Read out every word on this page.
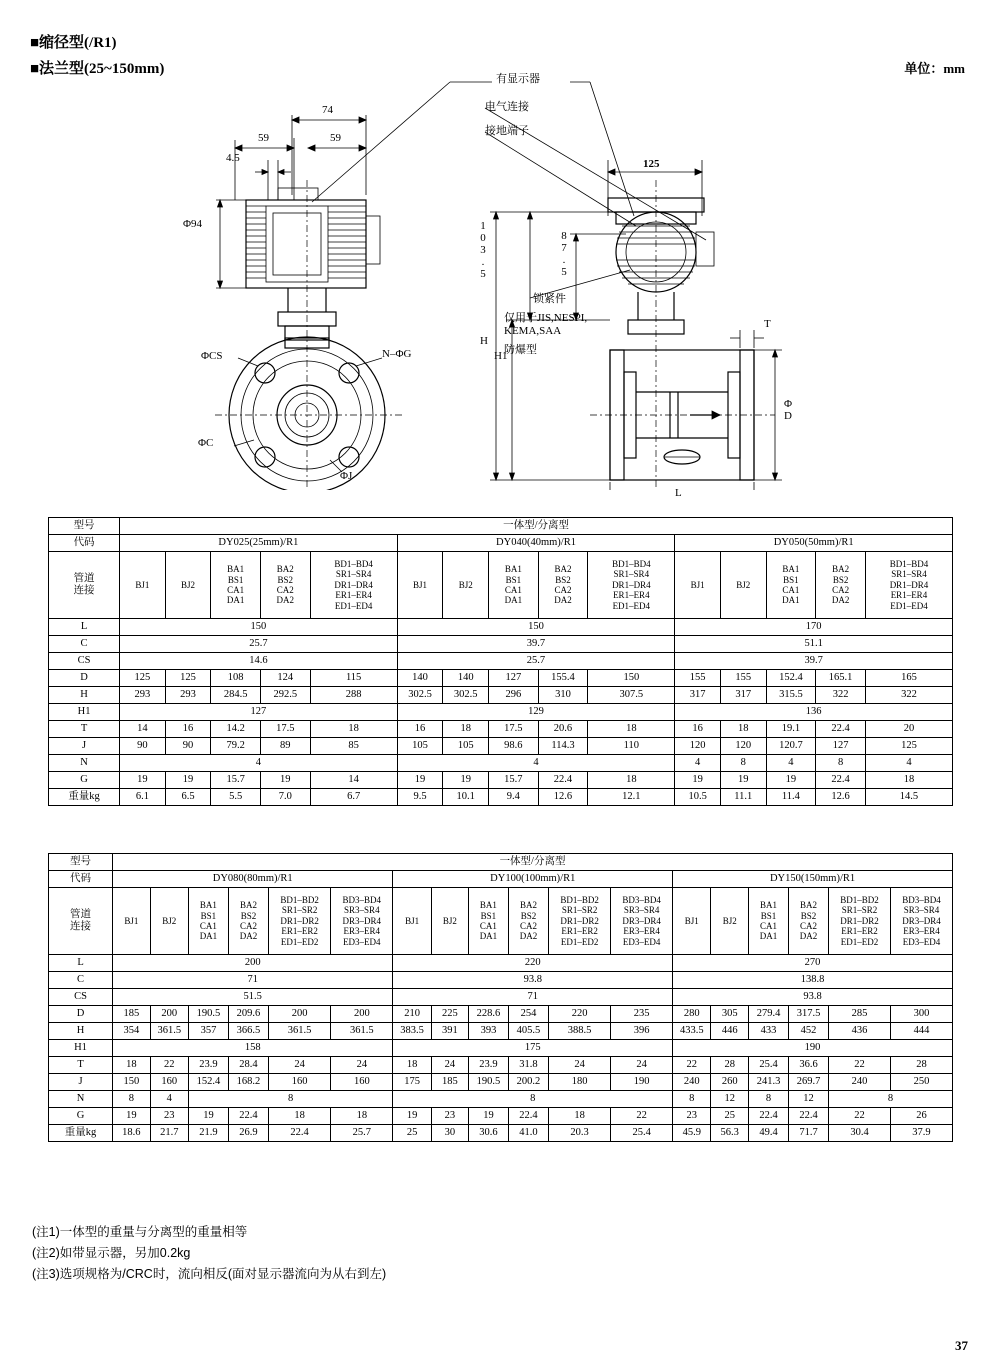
■缩径型(/R1)
■法兰型(25~150mm)	单位：mm
有显示器
电气连接
接地端子
锁紧件
仅用于JIS,NESPI,
KEMA,SAA
防爆型
74
59	59
4.5
Φ94
125
103.5	87.5
H
H1
L
T
ΦD
ΦCS
ΦC
ΦJ
N–ΦG
型号	一体型/分离型														
代码	DY025(25mm)/R1					DY040(40mm)/R1					DY050(50mm)/R1				

管道
连接	BJ1	BJ2	BA1
BS1
CA1
DA1	BA2
BS2
CA2
DA2	BD1–BD4
SR1–SR4
DR1–DR4
ER1–ER4
ED1–ED4	BJ1	BJ2	BA1
BS1
CA1
DA1	BA2
BS2
CA2
DA2	BD1–BD4
SR1–SR4
DR1–DR4
ER1–ER4
ED1–ED4	BJ1	BJ2	BA1
BS1
CA1
DA1	BA2
BS2
CA2
DA2	BD1–BD4
SR1–SR4
DR1–DR4
ER1–ER4
ED1–ED4
L	150					150					170				
C	25.7					39.7					51.1				
CS	14.6					25.7					39.7				
D	125	125	108	124	115	140	140	127	155.4	150	155	155	152.4	165.1	165
H	293	293	284.5	292.5	288	302.5	302.5	296	310	307.5	317	317	315.5	322	322
H1	127					129					136				
T	14	16	14.2	17.5	18	16	18	17.5	20.6	18	16	18	19.1	22.4	20
J	90	90	79.2	89	85	105	105	98.6	114.3	110	120	120	120.7	127	125
N	4					4					4	8	4	8	4
G	19	19	15.7	19	14	19	19	15.7	22.4	18	19	19	19	22.4	18
重量kg	6.1	6.5	5.5	7.0	6.7	9.5	10.1	9.4	12.6	12.1	10.5	11.1	11.4	12.6	14.5
型号	一体型/分离型																	
代码	DY080(80mm)/R1						DY100(100mm)/R1						DY150(150mm)/R1					

管道
连接	BJ1	BJ2	BA1
BS1
CA1
DA1	BA2
BS2
CA2
DA2	BD1–BD2
SR1–SR2
DR1–DR2
ER1–ER2
ED1–ED2	BD3–BD4
SR3–SR4
DR3–DR4
ER3–ER4
ED3–ED4	BJ1	BJ2	BA1
BS1
CA1
DA1	BA2
BS2
CA2
DA2	BD1–BD2
SR1–SR2
DR1–DR2
ER1–ER2
ED1–ED2	BD3–BD4
SR3–SR4
DR3–DR4
ER3–ER4
ED3–ED4	BJ1	BJ2	BA1
BS1
CA1
DA1	BA2
BS2
CA2
DA2	BD1–BD2
SR1–SR2
DR1–DR2
ER1–ER2
ED1–ED2	BD3–BD4
SR3–SR4
DR3–DR4
ER3–ER4
ED3–ED4
L	200						220						270					
C	71						93.8						138.8					
CS	51.5						71						93.8					
D	185	200	190.5	209.6	200	200	210	225	228.6	254	220	235	280	305	279.4	317.5	285	300
H	354	361.5	357	366.5	361.5	361.5	383.5	391	393	405.5	388.5	396	433.5	446	433	452	436	444
H1	158						175						190					
T	18	22	23.9	28.4	24	24	18	24	23.9	31.8	24	24	22	28	25.4	36.6	22	28
J	150	160	152.4	168.2	160	160	175	185	190.5	200.2	180	190	240	260	241.3	269.7	240	250
N	8	4	8				8						8	12	8	12	8	
G	19	23	19	22.4	18	18	19	23	19	22.4	18	22	23	25	22.4	22.4	22	26
重量kg	18.6	21.7	21.9	26.9	22.4	25.7	25	30	30.6	41.0	20.3	25.4	45.9	56.3	49.4	71.7	30.4	37.9
(注1)一体型的重量与分离型的重量相等
(注2)如带显示器，另加0.2kg
(注3)选项规格为/CRC时，流向相反(面对显示器流向为从右到左)
37
